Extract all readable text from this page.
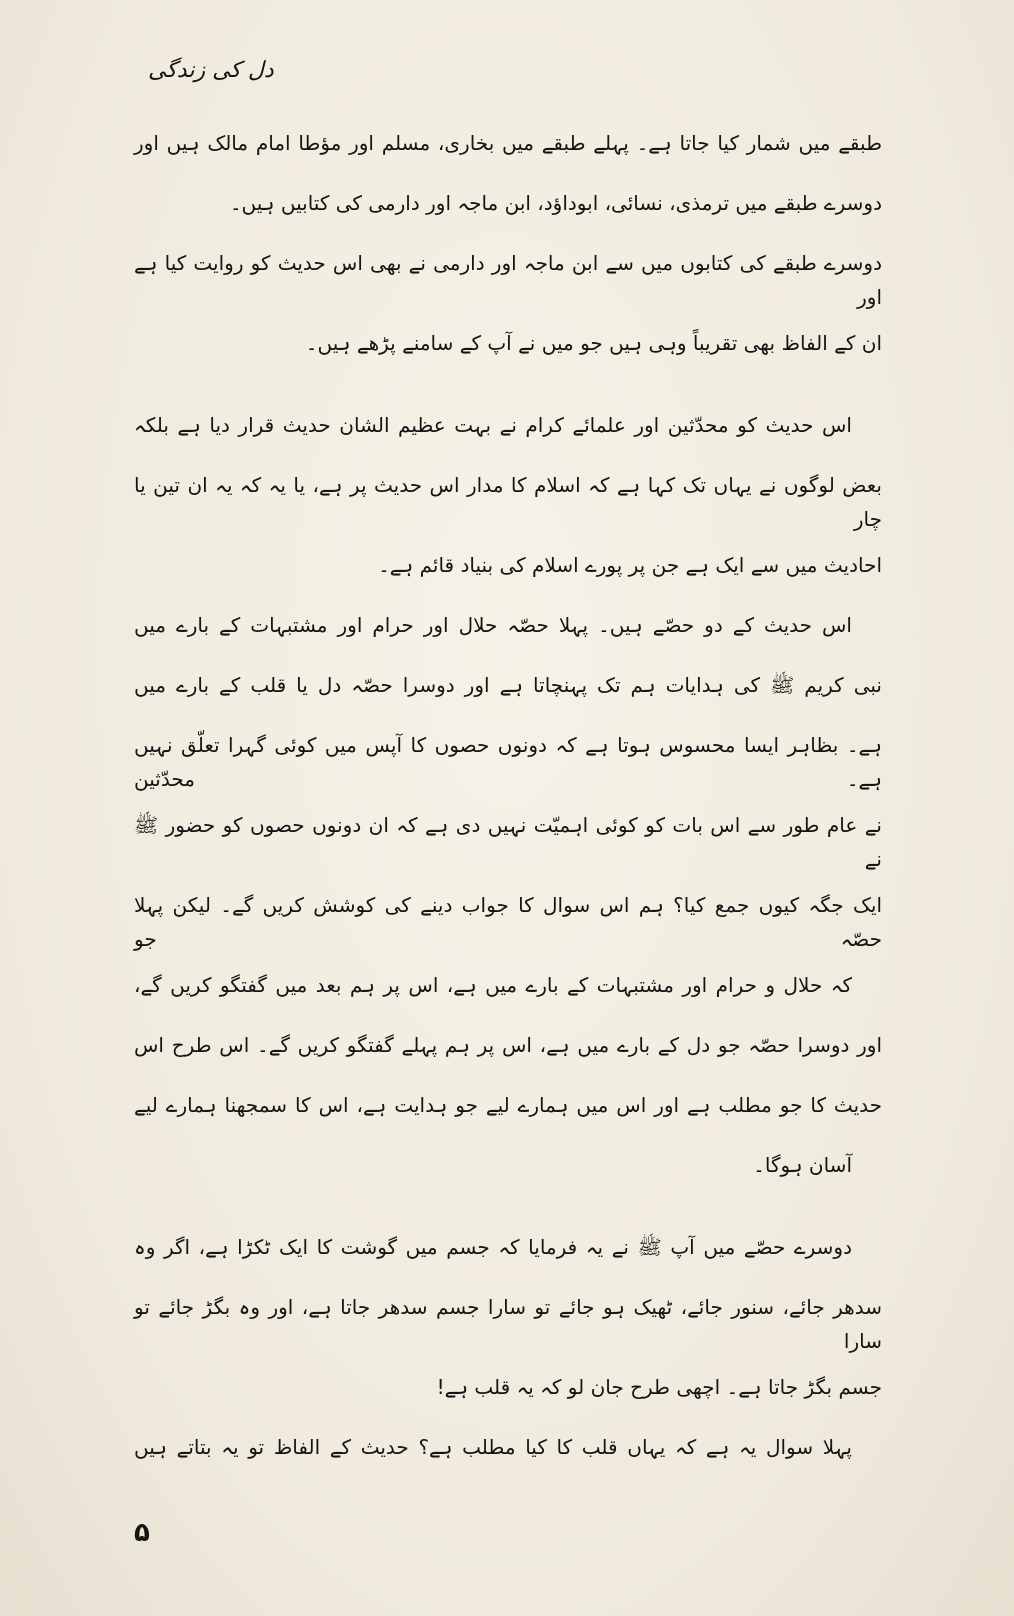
دل کی زندگی
طبقے میں شمار کیا جاتا ہے۔ پہلے طبقے میں بخاری، مسلم اور مؤطا امام مالک ہیں اور
دوسرے طبقے میں ترمذی، نسائی، ابوداؤد، ابن ماجہ اور دارمی کی کتابیں ہیں۔
دوسرے طبقے کی کتابوں میں سے ابن ماجہ اور دارمی نے بھی اس حدیث کو روایت کیا ہے اور
ان کے الفاظ بھی تقریباً وہی ہیں جو میں نے آپ کے سامنے پڑھے ہیں۔
اس حدیث کو محدّثین اور علمائے کرام نے بہت عظیم الشان حدیث قرار دیا ہے بلکہ
بعض لوگوں نے یہاں تک کہا ہے کہ اسلام کا مدار اس حدیث پر ہے، یا یہ کہ یہ ان تین یا چار
احادیث میں سے ایک ہے جن پر پورے اسلام کی بنیاد قائم ہے۔
اس حدیث کے دو حصّے ہیں۔ پہلا حصّہ حلال اور حرام اور مشتبہات کے بارے میں
نبی کریم ﷺ کی ہدایات ہم تک پہنچاتا ہے اور دوسرا حصّہ دل یا قلب کے بارے میں
ہے۔ بظاہر ایسا محسوس ہوتا ہے کہ دونوں حصوں کا آپس میں کوئی گہرا تعلّق نہیں ہے۔ محدّثین
نے عام طور سے اس بات کو کوئی اہمیّت نہیں دی ہے کہ ان دونوں حصوں کو حضور ﷺ نے
ایک جگہ کیوں جمع کیا؟ ہم اس سوال کا جواب دینے کی کوشش کریں گے۔ لیکن پہلا حصّہ جو
کہ حلال و حرام اور مشتبہات کے بارے میں ہے، اس پر ہم بعد میں گفتگو کریں گے،
اور دوسرا حصّہ جو دل کے بارے میں ہے، اس پر ہم پہلے گفتگو کریں گے۔ اس طرح اس
حدیث کا جو مطلب ہے اور اس میں ہمارے لیے جو ہدایت ہے، اس کا سمجھنا ہمارے لیے
آسان ہوگا۔
دوسرے حصّے میں آپ ﷺ نے یہ فرمایا کہ جسم میں گوشت کا ایک ٹکڑا ہے، اگر وہ
سدھر جائے، سنور جائے، ٹھیک ہو جائے تو سارا جسم سدھر جاتا ہے، اور وہ بگڑ جائے تو سارا
جسم بگڑ جاتا ہے۔ اچھی طرح جان لو کہ یہ قلب ہے!
پہلا سوال یہ ہے کہ یہاں قلب کا کیا مطلب ہے؟ حدیث کے الفاظ تو یہ بتاتے ہیں
۵
